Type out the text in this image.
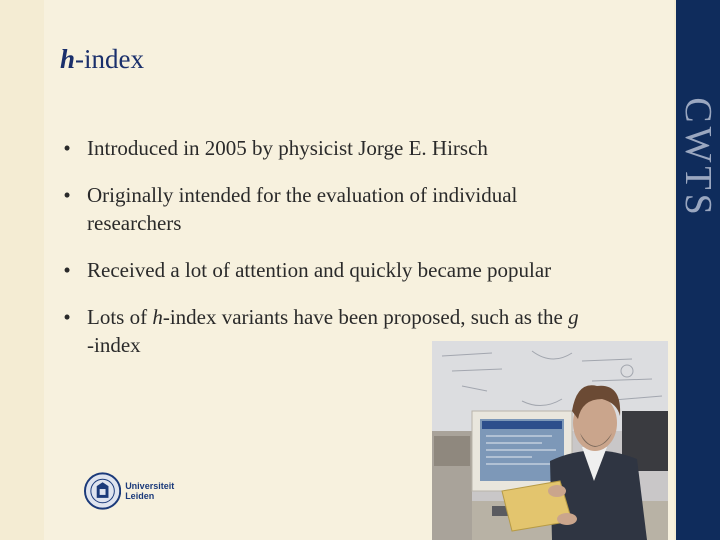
CWTS
h-index
• Introduced in 2005 by physicist Jorge E. Hirsch
• Originally intended for the evaluation of individual
researchers
• Received a lot of attention and quickly became popular
• Lots of h-index variants have been proposed, such as the g
-index
Universiteit Leiden
